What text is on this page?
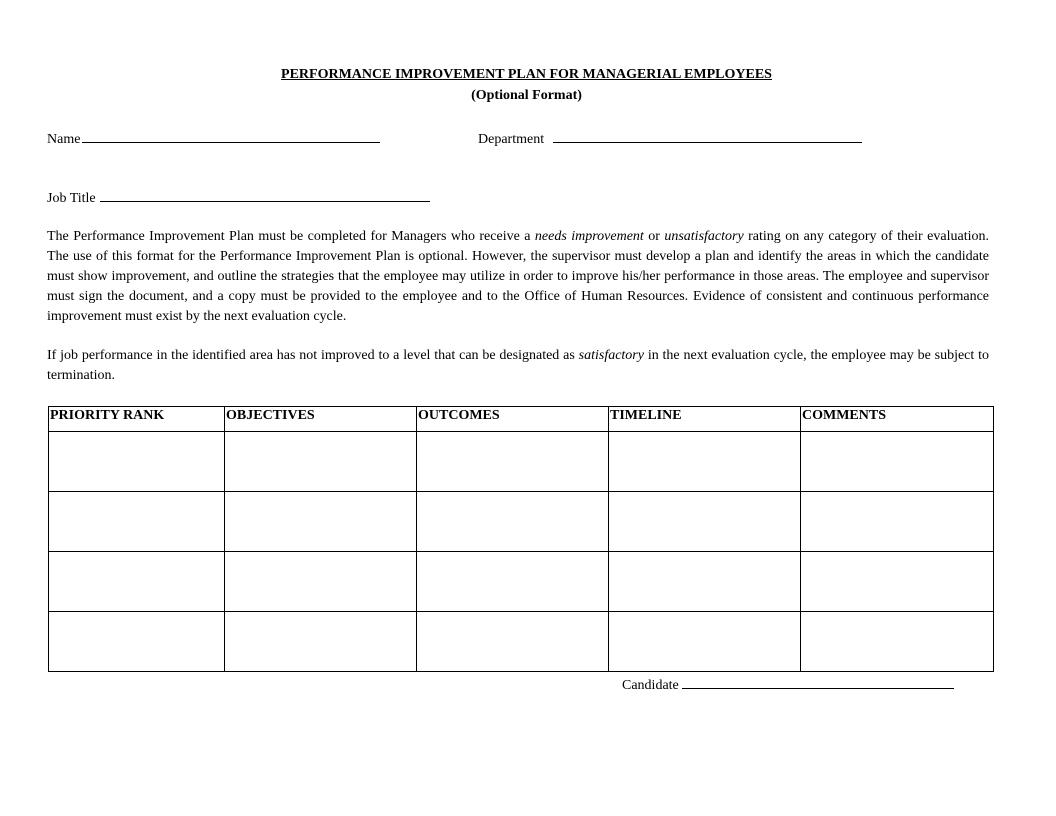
PERFORMANCE IMPROVEMENT PLAN FOR MANAGERIAL EMPLOYEES
(Optional Format)
Name	Department
Job Title

The Performance Improvement Plan must be completed for Managers who receive a needs improvement or unsatisfactory rating on any category of their evaluation. The use of this format for the Performance Improvement Plan is optional. However, the supervisor must develop a plan and identify the areas in which the candidate must show improvement, and outline the strategies that the employee may utilize in order to improve his/her performance in those areas. The employee and supervisor must sign the document, and a copy must be provided to the employee and to the Office of Human Resources. Evidence of consistent and continuous performance improvement must exist by the next evaluation cycle.

If job performance in the identified area has not improved to a level that can be designated as satisfactory in the next evaluation cycle, the employee may be subject to termination.

PRIORITY RANK	OBJECTIVES	OUTCOMES	TIMELINE	COMMENTS

Candidate
